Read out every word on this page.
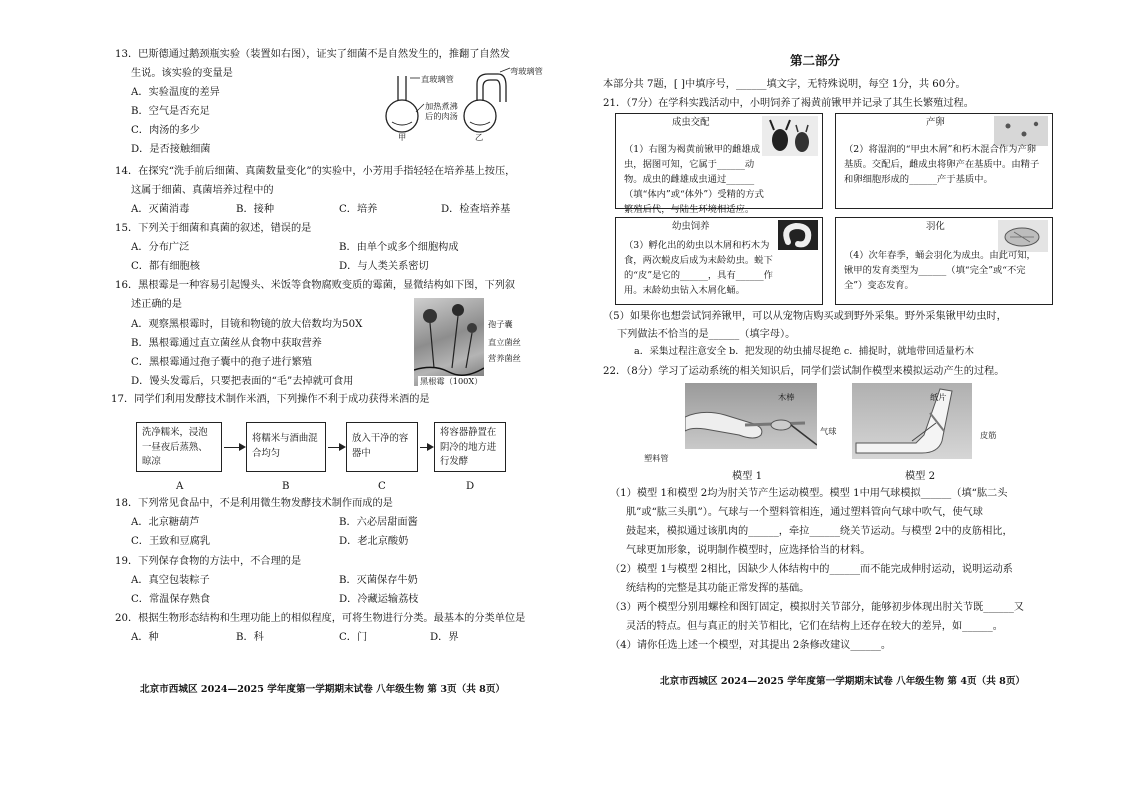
13．巴斯德通过鹅颈瓶实验（装置如右图），证实了细菌不是自然发生的，推翻了自然发
生说。该实验的变量是
A．实验温度的差异
B．空气是否充足
C．肉汤的多少
D．是否接触细菌
直玻璃管
弯玻璃管
加热煮沸后的肉汤
甲	乙
14．在探究“洗手前后细菌、真菌数量变化”的实验中，小芳用手指轻轻在培养基上按压，
这属于细菌、真菌培养过程中的
A．灭菌消毒	B．接种	C．培养	D．检查培养基
15．下列关于细菌和真菌的叙述，错误的是
A．分布广泛	B．由单个或多个细胞构成
C．都有细胞核	D．与人类关系密切
16．黑根霉是一种容易引起馒头、米饭等食物腐败变质的霉菌，显微结构如下图，下列叙
述正确的是
A．观察黑根霉时，目镜和物镜的放大倍数均为50X
B．黑根霉通过直立菌丝从食物中获取营养
C．黑根霉通过孢子囊中的孢子进行繁殖
D．馒头发霉后，只要把表面的“毛”去掉就可食用
孢子囊
直立菌丝
营养菌丝
黑根霉（100X）
17．同学们利用发酵技术制作米酒，下列操作不利于成功获得米酒的是
洗净糯米，浸泡一昼夜后蒸熟、晾凉
将糯米与酒曲混合均匀
放入干净的容器中
将容器静置在阴冷的地方进行发酵
A	B	C	D
18．下列常见食品中，不是利用微生物发酵技术制作而成的是
A．北京糖葫芦	B．六必居甜面酱
C．王致和豆腐乳	D．老北京酸奶
19．下列保存食物的方法中，不合理的是
A．真空包装粽子	B．灭菌保存牛奶
C．常温保存熟食	D．冷藏运输荔枝
20．根据生物形态结构和生理功能上的相似程度，可将生物进行分类。最基本的分类单位是
A．种	B．科	C．门	D．界
北京市西城区 2024—2025 学年度第一学期期末试卷 八年级生物 第 3页（共 8页）
第二部分
本部分共 7题，[ ]中填序号，______填文字，无特殊说明，每空 1分，共 60分。
21．（7分）在学科实践活动中，小明饲养了褐黄前锹甲并记录了其生长繁殖过程。
成虫交配
（1）右图为褐黄前锹甲的雌雄成虫，据图可知，它属于______动物。成虫的雌雄成虫通过______（填“体内”或“体外”）受精的方式繁殖后代，与陆生环境相适应。
产卵
（2）将湿润的“甲虫木屑”和朽木混合作为产卵基质。交配后，雌成虫将卵产在基质中。由精子和卵细胞形成的______产于基质中。
幼虫饲养
（3）孵化出的幼虫以木屑和朽木为食，两次蜕皮后成为末龄幼虫。蜕下的“皮”是它的______，具有______作用。末龄幼虫钻入木屑化蛹。
羽化
（4）次年春季，蛹会羽化为成虫。由此可知，锹甲的发育类型为______（填“完全”或“不完全”）变态发育。
（5）如果你也想尝试饲养锹甲，可以从宠物店购买或到野外采集。野外采集锹甲幼虫时，
下列做法不恰当的是______（填字母）。
a．采集过程注意安全 b．把发现的幼虫捕尽捉绝 c．捕捉时，就地带回适量朽木
22．（8分）学习了运动系统的相关知识后，同学们尝试制作模型来模拟运动产生的过程。
木棒
气球
塑料管
模型 1
纸片
皮筋
模型 2
（1）模型 1和模型 2均为肘关节产生运动模型。模型 1中用气球模拟______（填“肱二头
肌”或“肱三头肌”）。气球与一个塑料管相连，通过塑料管向气球中吹气，使气球
鼓起来，模拟通过该肌肉的______，牵拉______绕关节运动。与模型 2中的皮筋相比，
气球更加形象，说明制作模型时，应选择恰当的材料。
（2）模型 1与模型 2相比，因缺少人体结构中的______而不能完成伸肘运动，说明运动系
统结构的完整是其功能正常发挥的基础。
（3）两个模型分别用螺栓和图钉固定，模拟肘关节部分，能够初步体现出肘关节既______又
灵活的特点。但与真正的肘关节相比，它们在结构上还存在较大的差异，如______。
（4）请你任选上述一个模型，对其提出 2条修改建议______。
北京市西城区 2024—2025 学年度第一学期期末试卷 八年级生物 第 4页（共 8页）
